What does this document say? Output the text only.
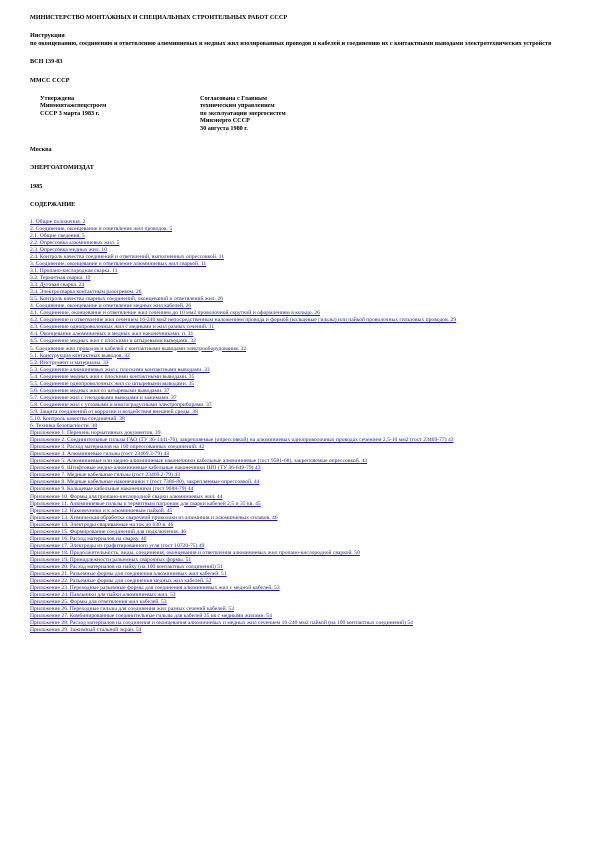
МИНИСТЕРСТВО МОНТАЖНЫХ И СПЕЦИАЛЬНЫХ СТРОИТЕЛЬНЫХ РАБОТ СССР

Инструкция

по оконцеванию, соединению и ответвлению алюминиевых и медных жил изолированных проводов и кабелей и соединению их с контактными выводами электротехнических устройств

ВСН 139-83

ММСС СССР

Утверждена

Минмонтажспецстроем

СССР 3 марта 1983 г.

Согласована с Главным

техническим управлением

по эксплуатации энергосистем

Минэнерго СССР

30 августа 1980 г.

Москва

ЭНЕРГОАТОМИЗДАТ

1985

СОДЕРЖАНИЕ

1. Общие положения. 2
2. Соединение, оконцевание и ответвление жил проводов. 5
2.1. Общие сведения. 5
2.2. Опрессовка алюминиевых жил. 5
2.3. Опрессовка медных жил. 10
2.4. Контроль качества соединений и ответвлений, выполненных опрессовкой. 11
3. Соединение, оконцевание и ответвление алюминиевых жил сваркой. 11
3.1. Пропано-кислородная сварка. 11
3.2. Термитная сварка. 19
3.3. Дуговая сварка. 24
3.4. Электросварка контактным разогревом. 26
3.5. Контроль качества сварных соединений, оконцеваний и ответвлений жил. 26
4. Соединение, оконцевание и ответвление медных жил кабелей. 26
4.1. Соединение, оконцевание и ответвление жил сечением до 10 мм2 проволочной скруткой и оформлением в кольцо. 26
4.2. Соединение и ответвление жил сечением 16-240 мм2 непосредственным наложением провода и формой (кольцевые гильзы) или пайкой проволочных гильзовых проводов. 29
4.3. Соединение однопроволочных жил с медными и жил разных сечений. 31
4.4. Оконцевание алюминиевых и медных жил наконечниками. п. 31
4.5. Соединение медных жил с плоскими и штыревыми выводами. 32
5. Соединение жил проводов и кабелей с контактными выводами электрооборудования. 32
5.1. Конструкция контактных выводов. 32
5.2. Инструмент и материалы. 33
5.3. Соединение алюминиевых жил с плоскими контактными выводами. 33
5.4. Соединение медных жил с плоскими контактными выводами. 35
5.5. Соединение однопроволочных жил со штыревыми выводами. 35
5.6. Соединение медных жил со штыревыми выводами. 37
5.7. Соединение жил с гнездовыми выводами и зажимами. 37
5.8. Соединение жил с угловыми и многоградусными электроприборами. 37
5.9. Защита соединений от коррозии и воздействия внешней среды. 38
5.10. Контроль качества соединений. 38
6. Техника безопасности. 38
Приложение 1. Перечень нормативных документов. 39
Приложение 2. Соединительные гильзы ГАО (ТУ 36-1441-76), закрепляемые (опрессовкой) на алюминиевых однопроволочных проводах сечением 2,5-10 мм2 (гост 23469-77) 43
Приложение 3. Расход материалов на 100 опрессованных соединений. 42
Приложение 4. Алюминиевые гильзы (гост 23469.3-79) 43
Приложение 5. Алюминиевые или медно-алюминиевые наконечники кабельные алюминиевые (гост 9581-68), закрепляемые опрессовкой. 43
Приложение 6. Штифтовые медно-алюминиевые кабельные наконечники ШП (ТУ 36-649-79) 43
Приложение 7. Медные кабельные гильзы (гост 23469.2-79) 43
Приложение 8. Медные кабельные наконечники т (гост 7386-80), закрепляемые опрессовкой. 44
Приложение 9. Кольцевые кабельные наконечники (гост 9688-79) 44
Приложение 10. Формы для пропано-кислородной сварки алюминиевых жил. 44
Приложение 11. Алюминиевые гильзы к термитным патронам для сварки кабелей 2,5 и 35 кв. 45
Приложение 12. Наконечники и к алюминиевым пайкой. 45
Приложение 13. Химическая обработка сварочной проволоки из алюминия и алюминиевых сплавов. 46
Приложение 14. Электроды свариваемые на ток до 630 в. 46
Приложение 15. Формирование соединений для подключения. 46
Приложение 16. Расход материалов на сварку. 46
Приложение 17. Электроды из графитированного угля (гост 10720-75) 49
Приложение 18. Продолжительность, виды, соединения, оконцевания и ответвления алюминиевых жил пропано-кислородной сваркой. 50
Приложение 19. Принадлежности разъемных сварочных формы. 51
Приложение 20. Расход материалов на пайку (на 100 контактных соединений) 51
Приложение 21. Разъемные формы для соединения алюминиевых жил кабелей. 51
Приложение 22. Разъемные формы для соединения медных жил кабелей. 52
Приложение 23. Переходные разъемные формы для соединения алюминиевых жил с медной кабелей. 53
Приложение 24. Паяльники для пайки алюминиевых жил. 53
Приложение 25. Формы для ответвления жил кабелей. 53
Приложение 26. Переходные гильзы для соединения жил разных сечений кабелей. 53
Приложение 27. Комбинированные соединительные гильзы для кабелей 35 кв с медными жилами. 54
Приложение 28. Расход материалов на соединения и оконцевания алюминиевых и медных жил сечением 16-240 мм2 пайкой (на 100 контактных соединений) 54
Приложение 29. Зажимный стальной экран. 54
